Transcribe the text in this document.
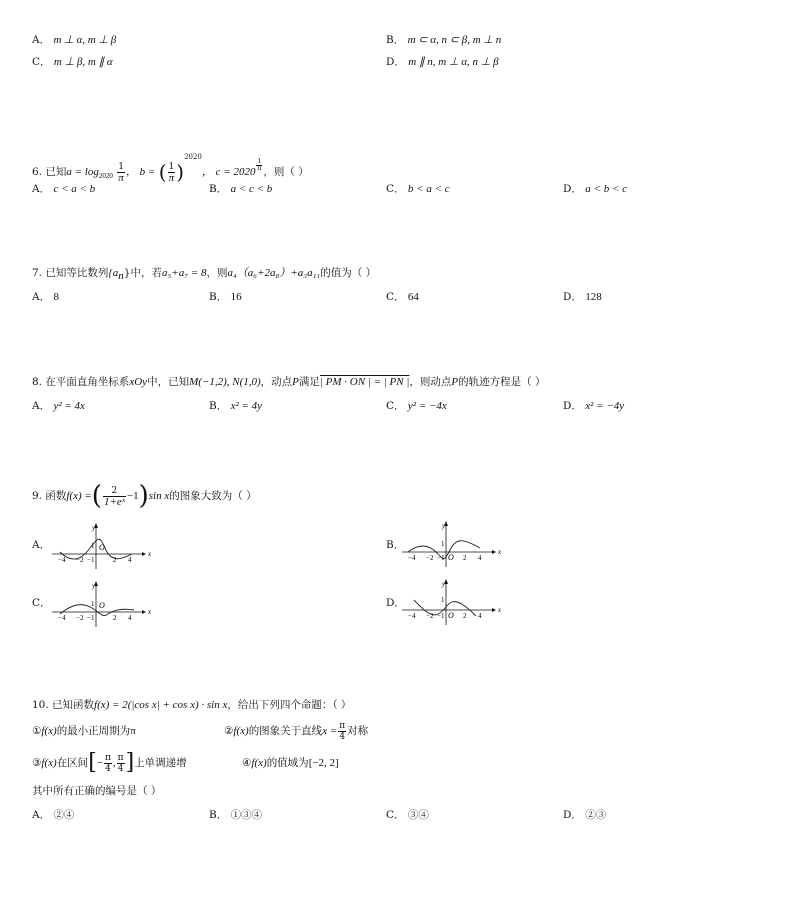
A． m ⊥ α, m ⊥ β	B． m ⊂ α, n ⊂ β, m ⊥ n
C． m ⊥ β, m ∥ α	D． m ∥ n, m ⊥ α, n ⊥ β
6. 已知$a = \log_{2020} \frac{1}{\pi}$ ， b = ( $\frac{1}{\pi} )^{2020}$， c = 2020
$^{\frac{1}{\pi}}$
，则（ ）
A． c < a < b	B． a < c < b	C． b < a < c	D． a < b < c
7. 已知等比数列$\{a_n\}$中，若a₅+a₇ = 8，则a₄（a₆+2a₈）+a₃a₁₁的值为（ ）
A． 8	B． 16	C． 64	D． 128
8. 在平面直角坐标系xOy中，已知M(−1,2), N(1,0)，动点P满足| PM · ON | = | PN |，则动点P的轨迹方程是（ ）
A． y² = 4x	B． x² = 4y	C． y² = −4x	D． x² = −4y
9. 函数f(x) =( $\frac{2}{\text{1+eˣ}} -1)\sin$ x的图象大致为（ ）
A．	B．
C．	D．
y
x
1 O
−4 −2 −1	2 4
y
x
1
O
−4 −2 −1	2 4
y
x
1 O
−4 −2 −1	2 4
y
x
1
O
−4 −2 −1	2 4
10. 已知函数f(x) = 2(|cos x| + cos x) · sin x，给出下列四个命题：（ ）
①f(x)的最小正周期为π	②f(x)的图象关于直线$x = \frac{\pi}{4}$ 对称
③f(x)在区间[− $\frac{\pi}{4}$ , $\frac{\pi}{4}$ ]上单调递增	④f(x)的值域为[−2, 2]
其中所有正确的编号是（ ）
A． ②④	B． ①③④	C． ③④	D． ②③
